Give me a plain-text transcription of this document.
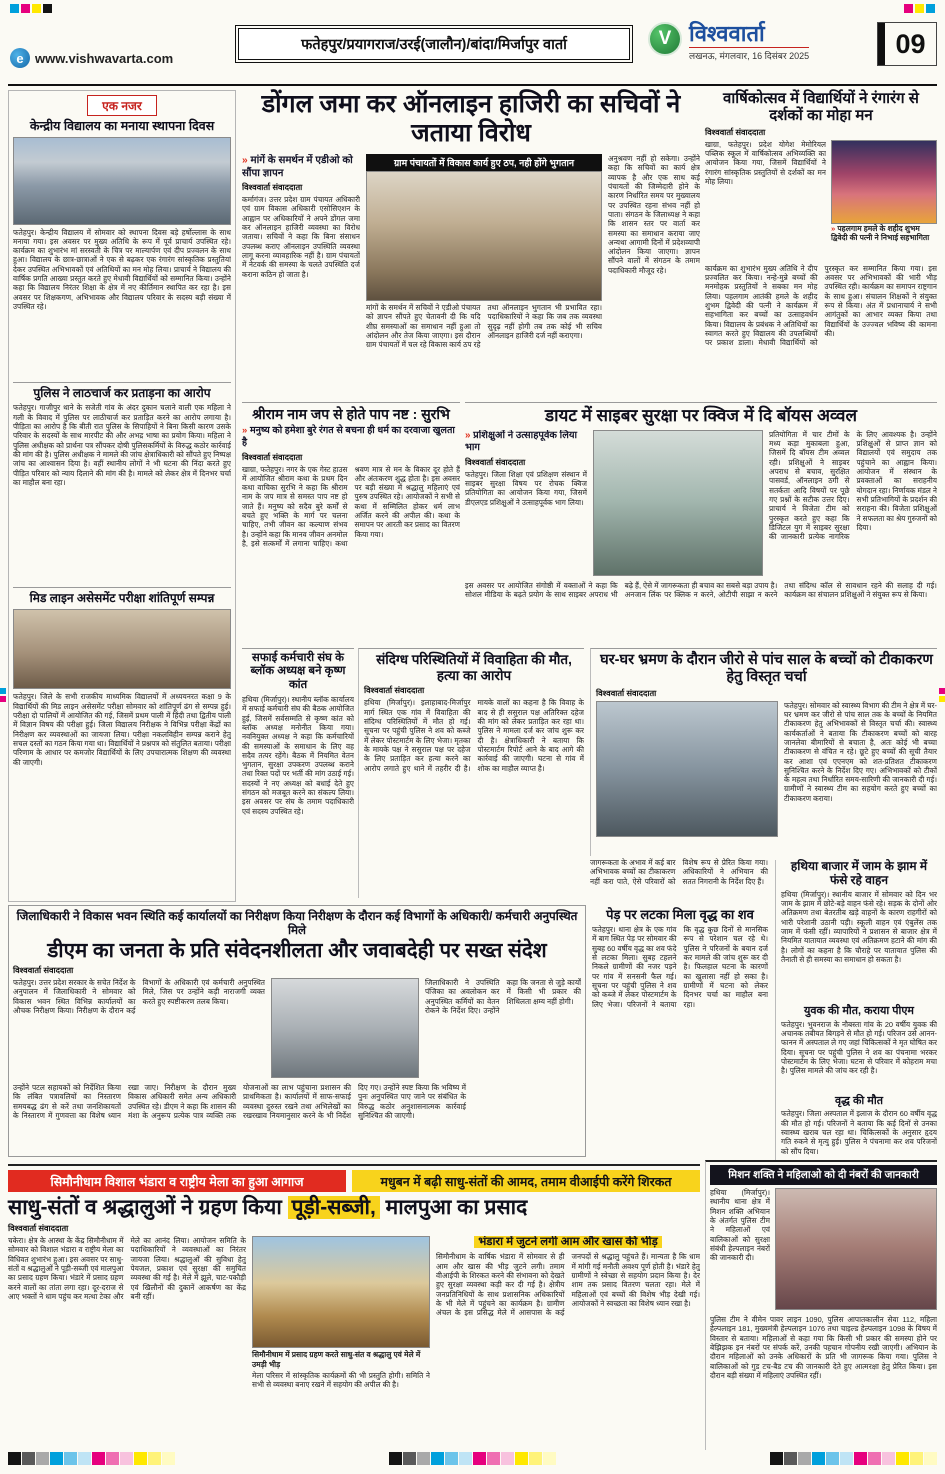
e www.vishwavarta.com
फतेहपुर/प्रयागराज/उरई(जालौन)/बांदा/मिर्जापुर वार्ता	V विश्ववार्ता
लखनऊ, मंगलवार, 16 दिसंबर 2025	09
एक नजर
केन्द्रीय विद्यालय का मनाया स्थापना दिवस
फतेहपुर। केन्द्रीय विद्यालय में सोमवार को स्थापना दिवस बड़े हर्षोल्लास के साथ मनाया गया। इस अवसर पर मुख्य अतिथि के रूप में पूर्व प्राचार्य उपस्थित रहे। कार्यक्रम का शुभारंभ मां सरस्वती के चित्र पर माल्यार्पण एवं दीप प्रज्वलन के साथ हुआ। विद्यालय के छात्र-छात्राओं ने एक से बढ़कर एक रंगारंग सांस्कृतिक प्रस्तुतियां देकर उपस्थित अभिभावकों एवं अतिथियों का मन मोह लिया। प्राचार्य ने विद्यालय की वार्षिक प्रगति आख्या प्रस्तुत करते हुए मेधावी विद्यार्थियों को सम्मानित किया। उन्होंने कहा कि विद्यालय निरंतर शिक्षा के क्षेत्र में नए कीर्तिमान स्थापित कर रहा है। इस अवसर पर शिक्षकगण, अभिभावक और विद्यालय परिवार के सदस्य बड़ी संख्या में उपस्थित रहे।
पुलिस ने लाठचार्ज कर प्रताड़ना का आरोप
फतेहपुर। गाजीपुर थाने के सजेती गांव के अंदर दुकान चलाने वाली एक महिला ने गली के विवाद में पुलिस पर लाठीचार्ज कर प्रताड़ित करने का आरोप लगाया है। पीड़िता का आरोप है कि बीती रात पुलिस के सिपाहियों ने बिना किसी कारण उसके परिवार के सदस्यों के साथ मारपीट की और अभद्र भाषा का प्रयोग किया। महिला ने पुलिस अधीक्षक को प्रार्थना पत्र सौंपकर दोषी पुलिसकर्मियों के विरुद्ध कठोर कार्रवाई की मांग की है। पुलिस अधीक्षक ने मामले की जांच क्षेत्राधिकारी को सौंपते हुए निष्पक्ष जांच का आश्वासन दिया है। वहीं स्थानीय लोगों ने भी घटना की निंदा करते हुए पीड़ित परिवार को न्याय दिलाने की मांग की है। मामले को लेकर क्षेत्र में दिनभर चर्चा का माहौल बना रहा।
मिड लाइन असेसमेंट परीक्षा शांतिपूर्ण सम्पन्न
फतेहपुर। जिले के सभी राजकीय माध्यमिक विद्यालयों में अध्ययनरत कक्षा 9 के विद्यार्थियों की मिड लाइन असेसमेंट परीक्षा सोमवार को शांतिपूर्ण ढंग से सम्पन्न हुई। परीक्षा दो पालियों में आयोजित की गई, जिसमें प्रथम पाली में हिंदी तथा द्वितीय पाली में विज्ञान विषय की परीक्षा हुई। जिला विद्यालय निरीक्षक ने विभिन्न परीक्षा केंद्रों का निरीक्षण कर व्यवस्थाओं का जायजा लिया। परीक्षा नकलविहीन सम्पन्न कराने हेतु सचल दस्तों का गठन किया गया था। विद्यार्थियों ने प्रश्नपत्र को संतुलित बताया। परीक्षा परिणाम के आधार पर कमजोर विद्यार्थियों के लिए उपचारात्मक शिक्षण की व्यवस्था की जाएगी।
डोंगल जमा कर ऑनलाइन हाजिरी का सचिवों ने जताया विरोध
» मांगें के समर्थन में एडीओ को सौंपा ज्ञापन
विश्ववार्ता संवाददाता
कर्मागंज। उत्तर प्रदेश ग्राम पंचायत अधिकारी एवं ग्राम विकास अधिकारी एसोसिएशन के आह्वान पर अधिकारियों ने अपने डोंगल जमा कर ऑनलाइन हाजिरी व्यवस्था का विरोध जताया। सचिवों ने कहा कि बिना संसाधन उपलब्ध कराए ऑनलाइन उपस्थिति व्यवस्था लागू करना व्यावहारिक नहीं है। ग्राम पंचायतों में नेटवर्क की समस्या के चलते उपस्थिति दर्ज कराना कठिन हो जाता है।
ग्राम पंचायतों में विकास कार्य हुए ठप, नही होंगे भुगतान
मांगों के समर्थन में सचिवों ने एडीओ पंचायत को ज्ञापन सौंपते हुए चेतावनी दी कि यदि शीघ्र समस्याओं का समाधान नहीं हुआ तो आंदोलन और तेज किया जाएगा। इस दौरान ग्राम पंचायतों में चल रहे विकास कार्य ठप रहे तथा ऑनलाइन भुगतान भी प्रभावित रहा। पदाधिकारियों ने कहा कि जब तक व्यवस्था सुदृढ़ नहीं होगी तब तक कोई भी सचिव ऑनलाइन हाजिरी दर्ज नहीं कराएगा।
अनुश्रवण नहीं हो सकेगा। उन्होंने कहा कि सचिवों का कार्य क्षेत्र व्यापक है और एक साथ कई पंचायतों की जिम्मेदारी होने के कारण निर्धारित समय पर मुख्यालय पर उपस्थित रहना संभव नहीं हो पाता। संगठन के जिलाध्यक्ष ने कहा कि शासन स्तर पर वार्ता कर समस्या का समाधान कराया जाए अन्यथा आगामी दिनों में प्रदेशव्यापी आंदोलन किया जाएगा। ज्ञापन सौंपने वालों में संगठन के तमाम पदाधिकारी मौजूद रहे।
वार्षिकोत्सव में विद्यार्थियों ने रंगारंग से दर्शकों का मोहा मन
विश्ववार्ता संवाददाता
खाग्रा, फतेहपुर। प्रदेश योगेश मेमोरियल पब्लिक स्कूल में वार्षिकोत्सव अभिव्यक्ति का आयोजन किया गया, जिसमें विद्यार्थियों ने रंगारंग सांस्कृतिक प्रस्तुतियों से दर्शकों का मन मोह लिया।
» पहलगाम हमले के शहीद शुभम द्विवेदी की पत्नी ने निभाई सहभागिता
कार्यक्रम का शुभारंभ मुख्य अतिथि ने दीप प्रज्वलित कर किया। नन्हे-मुन्ने बच्चों की मनमोहक प्रस्तुतियों ने सबका मन मोह लिया। पहलगाम आतंकी हमले के शहीद शुभम द्विवेदी की पत्नी ने कार्यक्रम में सहभागिता कर बच्चों का उत्साहवर्धन किया। विद्यालय के प्रबंधक ने अतिथियों का स्वागत करते हुए विद्यालय की उपलब्धियों पर प्रकाश डाला। मेधावी विद्यार्थियों को पुरस्कृत कर सम्मानित किया गया। इस अवसर पर अभिभावकों की भारी भीड़ उपस्थित रही। कार्यक्रम का समापन राष्ट्रगान के साथ हुआ। संचालन शिक्षकों ने संयुक्त रूप से किया। अंत में प्रधानाचार्य ने सभी आगंतुकों का आभार व्यक्त किया तथा विद्यार्थियों के उज्ज्वल भविष्य की कामना की।
श्रीराम नाम जप से होते पाप नष्ट : सुरभि
» मनुष्य को हमेशा बुरे रंगत से बचना ही धर्म का दरवाजा खुलता है
विश्ववार्ता संवाददाता
खाग्रा, फतेहपुर। नगर के एक गेस्ट हाउस में आयोजित श्रीराम कथा के प्रथम दिन कथा वाचिका सुरभि ने कहा कि श्रीराम नाम के जप मात्र से समस्त पाप नष्ट हो जाते हैं। मनुष्य को सदैव बुरे कर्मों से बचते हुए भक्ति के मार्ग पर चलना चाहिए, तभी जीवन का कल्याण संभव है। उन्होंने कहा कि मानव जीवन अनमोल है, इसे सत्कर्मों में लगाना चाहिए। कथा श्रवण मात्र से मन के विकार दूर होते हैं और अंतःकरण शुद्ध होता है। इस अवसर पर बड़ी संख्या में श्रद्धालु महिलाएं एवं पुरुष उपस्थित रहे। आयोजकों ने सभी से कथा में सम्मिलित होकर धर्म लाभ अर्जित करने की अपील की। कथा के समापन पर आरती कर प्रसाद का वितरण किया गया।
डायट में साइबर सुरक्षा पर क्विज में दि बॉयस अव्वल
» प्रशिक्षुओं ने उत्साहपूर्वक लिया भाग
विश्ववार्ता संवाददाता
फतेहपुर। जिला शिक्षा एवं प्रशिक्षण संस्थान में साइबर सुरक्षा विषय पर रोचक क्विज प्रतियोगिता का आयोजन किया गया, जिसमें डीएलएड प्रशिक्षुओं ने उत्साहपूर्वक भाग लिया।
प्रतियोगिता में चार टीमों के मध्य कड़ा मुकाबला हुआ, जिसमें दि बॉयस टीम अव्वल रही। प्रशिक्षुओं ने साइबर अपराध से बचाव, सुरक्षित पासवर्ड, ऑनलाइन ठगी से सतर्कता आदि विषयों पर पूछे गए प्रश्नों के सटीक उत्तर दिए। प्राचार्य ने विजेता टीम को पुरस्कृत करते हुए कहा कि डिजिटल युग में साइबर सुरक्षा की जानकारी प्रत्येक नागरिक के लिए आवश्यक है। उन्होंने प्रशिक्षुओं से प्राप्त ज्ञान को विद्यालयों एवं समुदाय तक पहुंचाने का आह्वान किया। आयोजन में संस्थान के प्रवक्ताओं का सराहनीय योगदान रहा। निर्णायक मंडल ने सभी प्रतिभागियों के प्रदर्शन की सराहना की। विजेता प्रशिक्षुओं ने सफलता का श्रेय गुरुजनों को दिया।
इस अवसर पर आयोजित संगोष्ठी में वक्ताओं ने कहा कि सोशल मीडिया के बढ़ते प्रयोग के साथ साइबर अपराध भी बढ़े हैं, ऐसे में जागरूकता ही बचाव का सबसे बड़ा उपाय है। अनजान लिंक पर क्लिक न करने, ओटीपी साझा न करने तथा संदिग्ध कॉल से सावधान रहने की सलाह दी गई। कार्यक्रम का संचालन प्रशिक्षुओं ने संयुक्त रूप से किया।
सफाई कर्मचारी संघ के ब्लॉक अध्यक्ष बने कृष्ण कांत
हथिया (मिर्जापुर)। स्थानीय ब्लॉक कार्यालय में सफाई कर्मचारी संघ की बैठक आयोजित हुई, जिसमें सर्वसम्मति से कृष्ण कांत को ब्लॉक अध्यक्ष मनोनीत किया गया। नवनियुक्त अध्यक्ष ने कहा कि कर्मचारियों की समस्याओं के समाधान के लिए वह सदैव तत्पर रहेंगे। बैठक में नियमित वेतन भुगतान, सुरक्षा उपकरण उपलब्ध कराने तथा रिक्त पदों पर भर्ती की मांग उठाई गई। सदस्यों ने नए अध्यक्ष को बधाई देते हुए संगठन को मजबूत करने का संकल्प लिया। इस अवसर पर संघ के तमाम पदाधिकारी एवं सदस्य उपस्थित रहे।
संदिग्ध परिस्थितियों में विवाहिता की मौत, हत्या का आरोप
विश्ववार्ता संवाददाता
हथिया (मिर्जापुर)। इलाहाबाद-मिर्जापुर मार्ग स्थित एक गांव में विवाहिता की संदिग्ध परिस्थितियों में मौत हो गई। सूचना पर पहुंची पुलिस ने शव को कब्जे में लेकर पोस्टमार्टम के लिए भेजा। मृतका के मायके पक्ष ने ससुराल पक्ष पर दहेज के लिए प्रताड़ित कर हत्या करने का आरोप लगाते हुए थाने में तहरीर दी है। मायके वालों का कहना है कि विवाह के बाद से ही ससुराल पक्ष अतिरिक्त दहेज की मांग को लेकर प्रताड़ित कर रहा था। पुलिस ने मामला दर्ज कर जांच शुरू कर दी है। क्षेत्राधिकारी ने बताया कि पोस्टमार्टम रिपोर्ट आने के बाद आगे की कार्रवाई की जाएगी। घटना से गांव में शोक का माहौल व्याप्त है।
घर-घर भ्रमण के दौरान जीरो से पांच साल के बच्चों को टीकाकरण हेतु विस्तृत चर्चा
विश्ववार्ता संवाददाता
फतेहपुर। सोमवार को स्वास्थ्य विभाग की टीम ने क्षेत्र में घर-घर भ्रमण कर जीरो से पांच साल तक के बच्चों के नियमित टीकाकरण हेतु अभिभावकों से विस्तृत चर्चा की। स्वास्थ्य कार्यकर्ताओं ने बताया कि टीकाकरण बच्चों को बारह जानलेवा बीमारियों से बचाता है, अतः कोई भी बच्चा टीकाकरण से वंचित न रहे। छूटे हुए बच्चों की सूची तैयार कर आशा एवं एएनएम को शत-प्रतिशत टीकाकरण सुनिश्चित करने के निर्देश दिए गए। अभिभावकों को टीकों के महत्व तथा निर्धारित समय-सारिणी की जानकारी दी गई। ग्रामीणों ने स्वास्थ्य टीम का सहयोग करते हुए बच्चों का टीकाकरण कराया।
जागरूकता के अभाव में कई बार अभिभावक बच्चों का टीकाकरण नहीं करा पाते, ऐसे परिवारों को विशेष रूप से प्रेरित किया गया। अधिकारियों ने अभियान की सतत निगरानी के निर्देश दिए हैं।
हथिया बाजार में जाम के झाम में फंसे रहे वाहन
हथिया (मिर्जापुर)। स्थानीय बाजार में सोमवार को दिन भर जाम के झाम में छोटे-बड़े वाहन फंसे रहे। सड़क के दोनों ओर अतिक्रमण तथा बेतरतीब खड़े वाहनों के कारण राहगीरों को भारी परेशानी उठानी पड़ी। स्कूली वाहन एवं एंबुलेंस तक जाम में फंसी रहीं। व्यापारियों ने प्रशासन से बाजार क्षेत्र में नियमित यातायात व्यवस्था एवं अतिक्रमण हटाने की मांग की है। लोगों का कहना है कि चौराहे पर यातायात पुलिस की तैनाती से ही समस्या का समाधान हो सकता है।
युवक की मौत, कराया पीएम
फतेहपुर। भुवनराज के नौबस्ता गांव के 20 वर्षीय युवक की अचानक तबीयत बिगड़ने से मौत हो गई। परिजन उसे आनन-फानन में अस्पताल ले गए जहां चिकित्सकों ने मृत घोषित कर दिया। सूचना पर पहुंची पुलिस ने शव का पंचनामा भरकर पोस्टमार्टम के लिए भेजा। घटना से परिवार में कोहराम मचा है। पुलिस मामले की जांच कर रही है।
वृद्ध की मौत
फतेहपुर। जिला अस्पताल में इलाज के दौरान 60 वर्षीय वृद्ध की मौत हो गई। परिजनों ने बताया कि कई दिनों से उनका स्वास्थ्य खराब चल रहा था। चिकित्सकों के अनुसार हृदय गति रुकने से मृत्यु हुई। पुलिस ने पंचनामा कर शव परिजनों को सौंप दिया।
जिलाधिकारी ने विकास भवन स्थिति कई कार्यालयों का निरीक्षण किया निरीक्षण के दौरान कई विभागों के अधिकारी/ कर्मचारी अनुपस्थित मिले
डीएम का जनता के प्रति संवेदनशीलता और जवाबदेही पर सख्त संदेश
विश्ववार्ता संवाददाता
फतेहपुर। उत्तर प्रदेश सरकार के सचेत निर्देश के अनुपालन में जिलाधिकारी ने सोमवार को विकास भवन स्थित विभिन्न कार्यालयों का औचक निरीक्षण किया। निरीक्षण के दौरान कई विभागों के अधिकारी एवं कर्मचारी अनुपस्थित मिले, जिस पर उन्होंने कड़ी नाराजगी व्यक्त करते हुए स्पष्टीकरण तलब किया।
जिलाधिकारी ने उपस्थिति पंजिका का अवलोकन कर अनुपस्थित कर्मियों का वेतन रोकने के निर्देश दिए। उन्होंने कहा कि जनता से जुड़े कार्यों में किसी भी प्रकार की शिथिलता क्षम्य नहीं होगी।
उन्होंने पटल सहायकों को निर्देशित किया कि लंबित पत्रावलियों का निस्तारण समयबद्ध ढंग से करें तथा जनशिकायतों के निस्तारण में गुणवत्ता का विशेष ध्यान रखा जाए। निरीक्षण के दौरान मुख्य विकास अधिकारी समेत अन्य अधिकारी उपस्थित रहे। डीएम ने कहा कि शासन की मंशा के अनुरूप प्रत्येक पात्र व्यक्ति तक योजनाओं का लाभ पहुंचाना प्रशासन की प्राथमिकता है। कार्यालयों में साफ-सफाई व्यवस्था दुरुस्त रखने तथा अभिलेखों का रखरखाव नियमानुसार करने के भी निर्देश दिए गए। उन्होंने स्पष्ट किया कि भविष्य में पुनः अनुपस्थित पाए जाने पर संबंधित के विरुद्ध कठोर अनुशासनात्मक कार्रवाई सुनिश्चित की जाएगी।
पेड़ पर लटका मिला वृद्ध का शव
फतेहपुर। थाना क्षेत्र के एक गांव में बाग स्थित पेड़ पर सोमवार की सुबह 60 वर्षीय वृद्ध का शव फंदे से लटका मिला। सुबह टहलने निकले ग्रामीणों की नजर पड़ने पर गांव में सनसनी फैल गई। सूचना पर पहुंची पुलिस ने शव को कब्जे में लेकर पोस्टमार्टम के लिए भेजा। परिजनों ने बताया कि वृद्ध कुछ दिनों से मानसिक रूप से परेशान चल रहे थे। पुलिस ने परिजनों के बयान दर्ज कर मामले की जांच शुरू कर दी है। फिलहाल घटना के कारणों का खुलासा नहीं हो सका है। ग्रामीणों में घटना को लेकर दिनभर चर्चा का माहौल बना रहा।
सिमौनीधाम विशाल भंडारा व राष्ट्रीय मेला का हुआ आगाज	मधुबन में बढ़ी साधु-संतों की आमद, तमाम वीआईपी करेंगे शिरकत
साधु-संतों व श्रद्धालुओं ने ग्रहण किया पूड़ी-सब्जी, मालपुआ का प्रसाद
विश्ववार्ता संवाददाता
चकेरा। क्षेत्र के आस्था के केंद्र सिमौनीधाम में सोमवार को विशाल भंडारा व राष्ट्रीय मेला का विधिवत शुभारंभ हुआ। इस अवसर पर साधु-संतों व श्रद्धालुओं ने पूड़ी-सब्जी एवं मालपुआ का प्रसाद ग्रहण किया। भंडारे में प्रसाद ग्रहण करने वालों का तांता लगा रहा। दूर-दराज से आए भक्तों ने धाम पहुंच कर मत्था टेका और मेले का आनंद लिया। आयोजन समिति के पदाधिकारियों ने व्यवस्थाओं का निरंतर जायजा लिया। श्रद्धालुओं की सुविधा हेतु पेयजल, प्रकाश एवं सुरक्षा की समुचित व्यवस्था की गई है। मेले में झूले, चाट-पकौड़ी एवं खिलौनों की दुकानें आकर्षण का केंद्र बनी रहीं।
सिमौनीधाम में प्रसाद ग्रहण करते साधु-संत व श्रद्धालु एवं मेले में उमड़ी भीड़
मेला परिसर में सांस्कृतिक कार्यक्रमों की भी प्रस्तुति होगी। समिति ने सभी से व्यवस्था बनाए रखने में सहयोग की अपील की है।
भंडारा में जुटने लगी आम और खास की भीड़
सिमौनीधाम के वार्षिक भंडारा में सोमवार से ही आम और खास की भीड़ जुटने लगी। तमाम वीआईपी के शिरकत करने की संभावना को देखते हुए सुरक्षा व्यवस्था कड़ी कर दी गई है। क्षेत्रीय जनप्रतिनिधियों के साथ प्रशासनिक अधिकारियों के भी मेले में पहुंचने का कार्यक्रम है। ग्रामीण अंचल के इस प्रसिद्ध मेले में आसपास के कई जनपदों से श्रद्धालु पहुंचते हैं। मान्यता है कि धाम में मांगी गई मनौती अवश्य पूर्ण होती है। भंडारे हेतु ग्रामीणों ने स्वेच्छा से सहयोग प्रदान किया है। देर शाम तक प्रसाद वितरण चलता रहा। मेले में महिलाओं एवं बच्चों की विशेष भीड़ देखी गई। आयोजकों ने स्वच्छता का विशेष ध्यान रखा है।
मिशन शक्ति ने महिलाओ को दी नंबरों की जानकारी
हथिया (मिर्जापुर)। स्थानीय थाना क्षेत्र में मिशन शक्ति अभियान के अंतर्गत पुलिस टीम ने महिलाओं एवं बालिकाओं को सुरक्षा संबंधी हेल्पलाइन नंबरों की जानकारी दी।
पुलिस टीम ने वीमेन पावर लाइन 1090, पुलिस आपातकालीन सेवा 112, महिला हेल्पलाइन 181, मुख्यमंत्री हेल्पलाइन 1076 तथा चाइल्ड हेल्पलाइन 1098 के विषय में विस्तार से बताया। महिलाओं से कहा गया कि किसी भी प्रकार की समस्या होने पर बेझिझक इन नंबरों पर संपर्क करें, उनकी पहचान गोपनीय रखी जाएगी। अभियान के दौरान महिलाओं को उनके अधिकारों के प्रति भी जागरूक किया गया। पुलिस ने बालिकाओं को गुड टच-बैड टच की जानकारी देते हुए आत्मरक्षा हेतु प्रेरित किया। इस दौरान बड़ी संख्या में महिलाएं उपस्थित रहीं।
